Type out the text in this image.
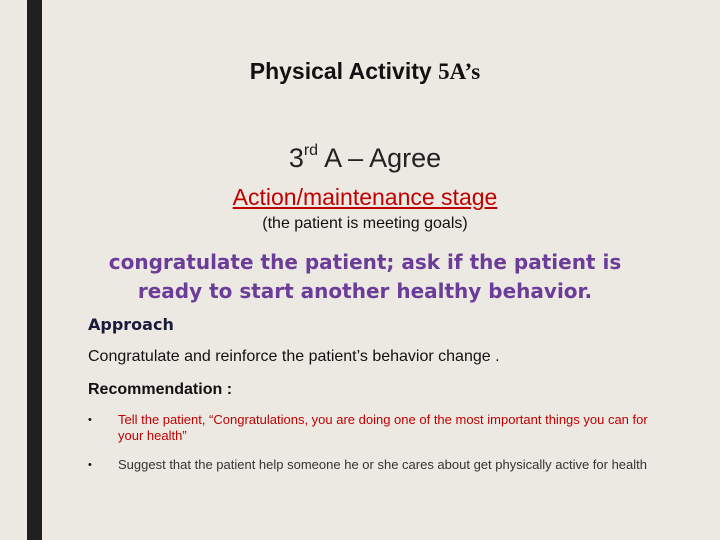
Physical Activity 5A’s
3rd A – Agree
Action/maintenance stage
(the patient is meeting goals)
congratulate the patient; ask if the patient is ready to start another healthy behavior.
Approach
Congratulate and reinforce the patient’s behavior change .
Recommendation :
• Tell the patient, “Congratulations, you are doing one of the most important things you can for your health”
• Suggest that the patient help someone he or she cares about get physically active for health
